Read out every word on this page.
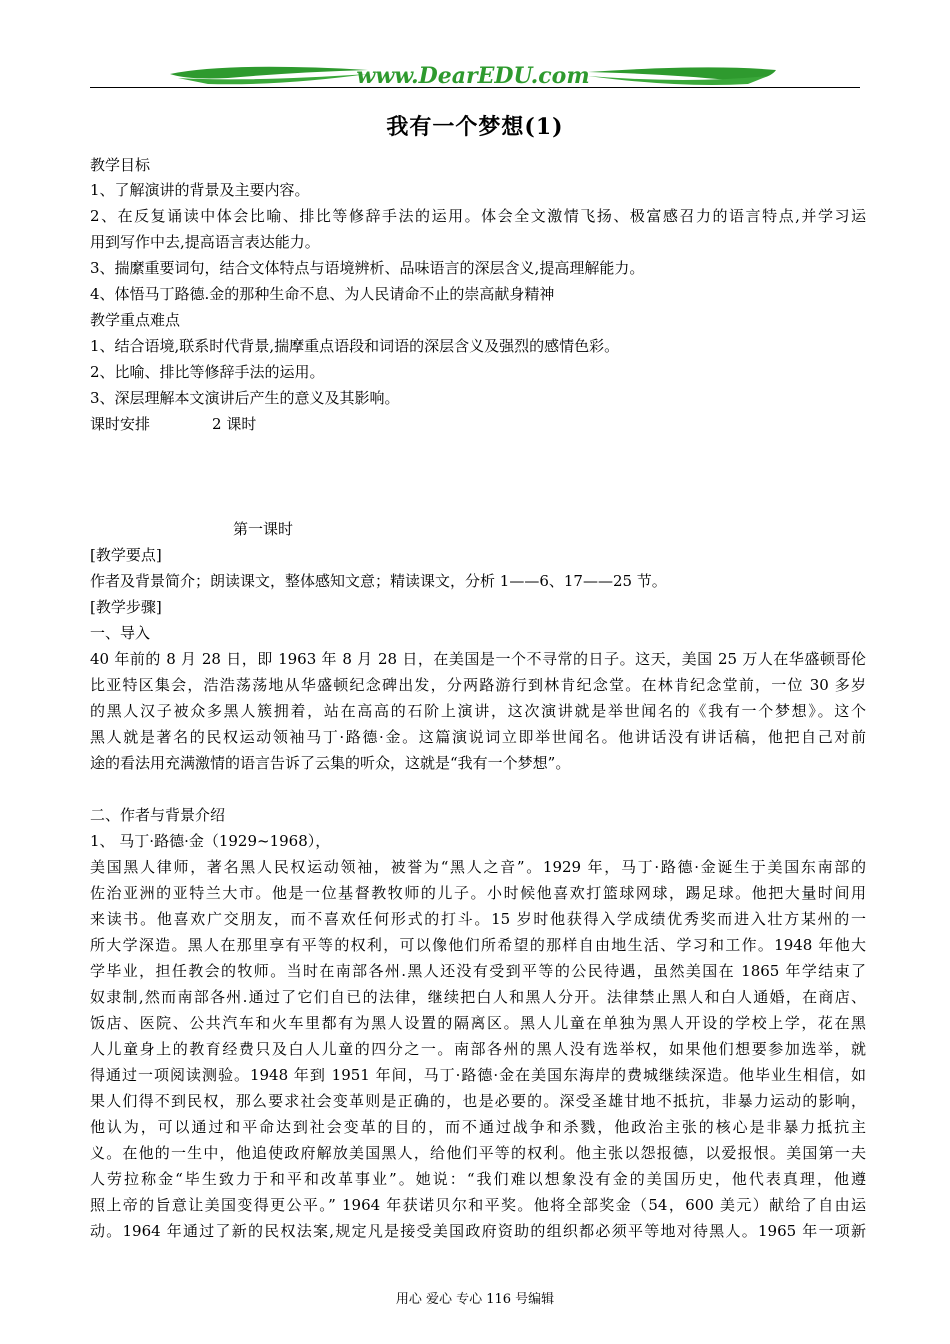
www.DearEDU.com
我有一个梦想(1)
教学目标
1、了解演讲的背景及主要内容。
2、在反复诵读中体会比喻、排比等修辞手法的运用。体会全文激情飞扬、极富感召力的语言特点,并学习运
用到写作中去,提高语言表达能力。
3、揣縻重要词句，结合文体特点与语境辨析、品味语言的深层含义,提高理解能力。
4、体悟马丁路德.金的那种生命不息、为人民请命不止的崇高献身精神
教学重点难点
1、结合语境,联系时代背景,揣摩重点语段和词语的深层含义及强烈的感情色彩。
2、比喻、排比等修辞手法的运用。
3、深层理解本文演讲后产生的意义及其影响。
课时安排	2 课时
第一课时
[教学要点]
作者及背景简介；朗读课文，整体感知文意；精读课文，分析 1——6、17——25 节。
[教学步骤]
一、导入
40 年前的 8 月 28 日，即 1963 年 8 月 28 日，在美国是一个不寻常的日子。这天，美国 25 万人在华盛顿哥伦
比亚特区集会，浩浩荡荡地从华盛顿纪念碑出发，分两路游行到林肯纪念堂。在林肯纪念堂前，一位 30 多岁
的黑人汉子被众多黑人簇拥着，站在高高的石阶上演讲，这次演讲就是举世闻名的《我有一个梦想》。这个
黑人就是著名的民权运动领袖马丁·路德·金。这篇演说词立即举世闻名。他讲话没有讲话稿，他把自己对前
途的看法用充满激情的语言告诉了云集的听众，这就是“我有一个梦想”。
二、作者与背景介绍
1、 马丁·路德·金（1929~1968），
美国黑人律师，著名黑人民权运动领袖，被誉为“黑人之音”。1929 年，马丁·路德·金诞生于美国东南部的
佐治亚洲的亚特兰大市。他是一位基督教牧师的儿子。小时候他喜欢打篮球网球，踢足球。他把大量时间用
来读书。他喜欢广交朋友，而不喜欢任何形式的打斗。15 岁时他获得入学成绩优秀奖而进入壮方某州的一
所大学深造。黑人在那里享有平等的权利，可以像他们所希望的那样自由地生活、学习和工作。1948 年他大
学毕业，担任教会的牧师。当时在南部各州.黑人还没有受到平等的公民待遇，虽然美国在 1865 年学结束了
奴隶制,然而南部各州.通过了它们自已的法律，继续把白人和黑人分开。法律禁止黑人和白人通婚，在商店、
饭店、医院、公共汽车和火车里都有为黑人设置的隔离区。黑人儿童在单独为黑人开设的学校上学，花在黑
人儿童身上的教育经费只及白人儿童的四分之一。南部各州的黑人没有选举权，如果他们想要参加选举，就
得通过一项阅读测验。1948 年到 1951 年间，马丁·路德·金在美国东海岸的费城继续深造。他毕业生相信，如
果人们得不到民权，那么要求社会变革则是正确的，也是必要的。深受圣雄甘地不抵抗，非暴力运动的影响，
他认为，可以通过和平命达到社会变革的目的，而不通过战争和杀戮，他政治主张的核心是非暴力抵抗主
义。在他的一生中，他追使政府解放美国黑人，给他们平等的权利。他主张以怨报德，以爱报恨。美国第一夫
人劳拉称金“毕生致力于和平和改革事业”。她说：“我们难以想象没有金的美国历史，他代表真理，他遵
照上帝的旨意让美国变得更公平。” 1964 年获诺贝尔和平奖。他将全部奖金（54，600 美元）献给了自由运
动。1964 年通过了新的民权法案,规定凡是接受美国政府资助的组织都必须平等地对待黑人。1965 年一项新
用心 爱心 专心 116 号编辑
